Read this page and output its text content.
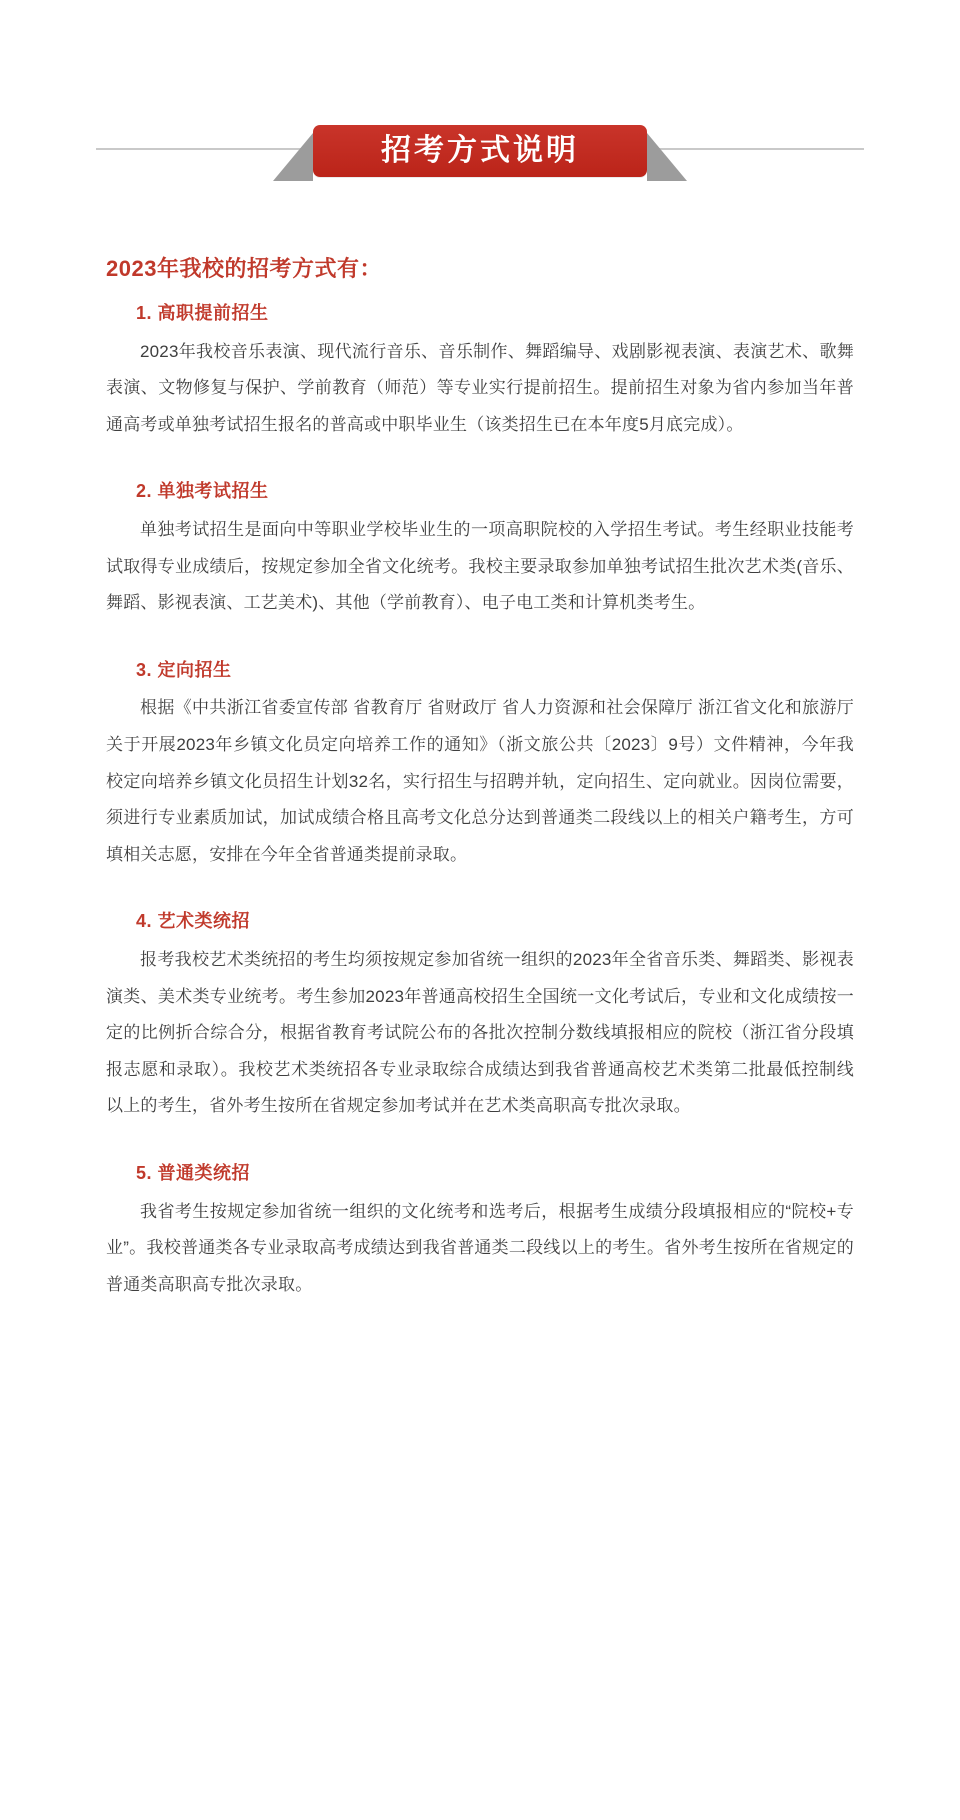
招考方式说明
2023年我校的招考方式有：
1. 高职提前招生

2023年我校音乐表演、现代流行音乐、音乐制作、舞蹈编导、戏剧影视表演、表演艺术、歌舞表演、文物修复与保护、学前教育（师范）等专业实行提前招生。提前招生对象为省内参加当年普通高考或单独考试招生报名的普高或中职毕业生（该类招生已在本年度5月底完成）。

2. 单独考试招生

单独考试招生是面向中等职业学校毕业生的一项高职院校的入学招生考试。考生经职业技能考试取得专业成绩后，按规定参加全省文化统考。我校主要录取参加单独考试招生批次艺术类(音乐、舞蹈、影视表演、工艺美术)、其他（学前教育）、电子电工类和计算机类考生。

3. 定向招生

根据《中共浙江省委宣传部 省教育厅 省财政厅 省人力资源和社会保障厅 浙江省文化和旅游厅关于开展2023年乡镇文化员定向培养工作的通知》（浙文旅公共〔2023〕9号）文件精神，今年我校定向培养乡镇文化员招生计划32名，实行招生与招聘并轨，定向招生、定向就业。因岗位需要，须进行专业素质加试，加试成绩合格且高考文化总分达到普通类二段线以上的相关户籍考生，方可填相关志愿，安排在今年全省普通类提前录取。

4. 艺术类统招

报考我校艺术类统招的考生均须按规定参加省统一组织的2023年全省音乐类、舞蹈类、影视表演类、美术类专业统考。考生参加2023年普通高校招生全国统一文化考试后，专业和文化成绩按一定的比例折合综合分，根据省教育考试院公布的各批次控制分数线填报相应的院校（浙江省分段填报志愿和录取）。我校艺术类统招各专业录取综合成绩达到我省普通高校艺术类第二批最低控制线以上的考生，省外考生按所在省规定参加考试并在艺术类高职高专批次录取。

5. 普通类统招

我省考生按规定参加省统一组织的文化统考和选考后，根据考生成绩分段填报相应的“院校+专业”。我校普通类各专业录取高考成绩达到我省普通类二段线以上的考生。省外考生按所在省规定的普通类高职高专批次录取。
